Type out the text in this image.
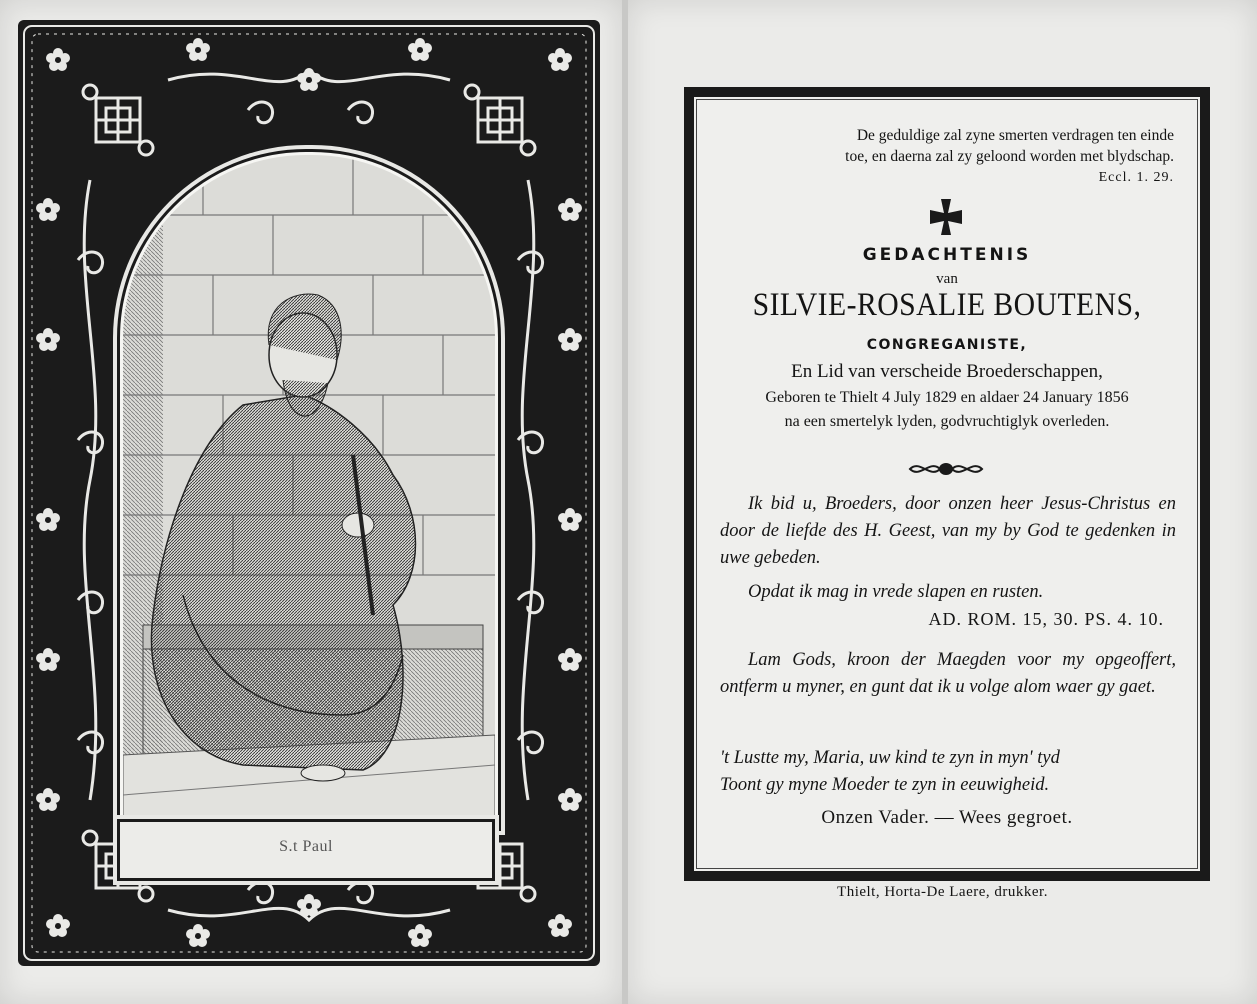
S.t Paul
De geduldige zal zyne smerten verdragen ten einde
toe, en daerna zal zy geloond worden met blydschap.
Eccl. 1. 29.
GEDACHTENIS
van
SILVIE-ROSALIE BOUTENS,
CONGREGANISTE,
En Lid van verscheide Broederschappen,
Geboren te Thielt 4 July 1829 en aldaer 24 January 1856
na een smertelyk lyden, godvruchtiglyk overleden.
Ik bid u, Broeders, door onzen heer Jesus-Christus en door de liefde des H. Geest, van my by God te gedenken in uwe gebeden.
Opdat ik mag in vrede slapen en rusten.
AD. ROM. 15, 30. PS. 4. 10.
Lam Gods, kroon der Maegden voor my opgeoffert, ontferm u myner, en gunt dat ik u volge alom waer gy gaet.
't Lustte my, Maria, uw kind te zyn in myn' tyd
Toont gy myne Moeder te zyn in eeuwigheid.
Onzen Vader. — Wees gegroet.
Thielt, Horta-De Laere, drukker.
